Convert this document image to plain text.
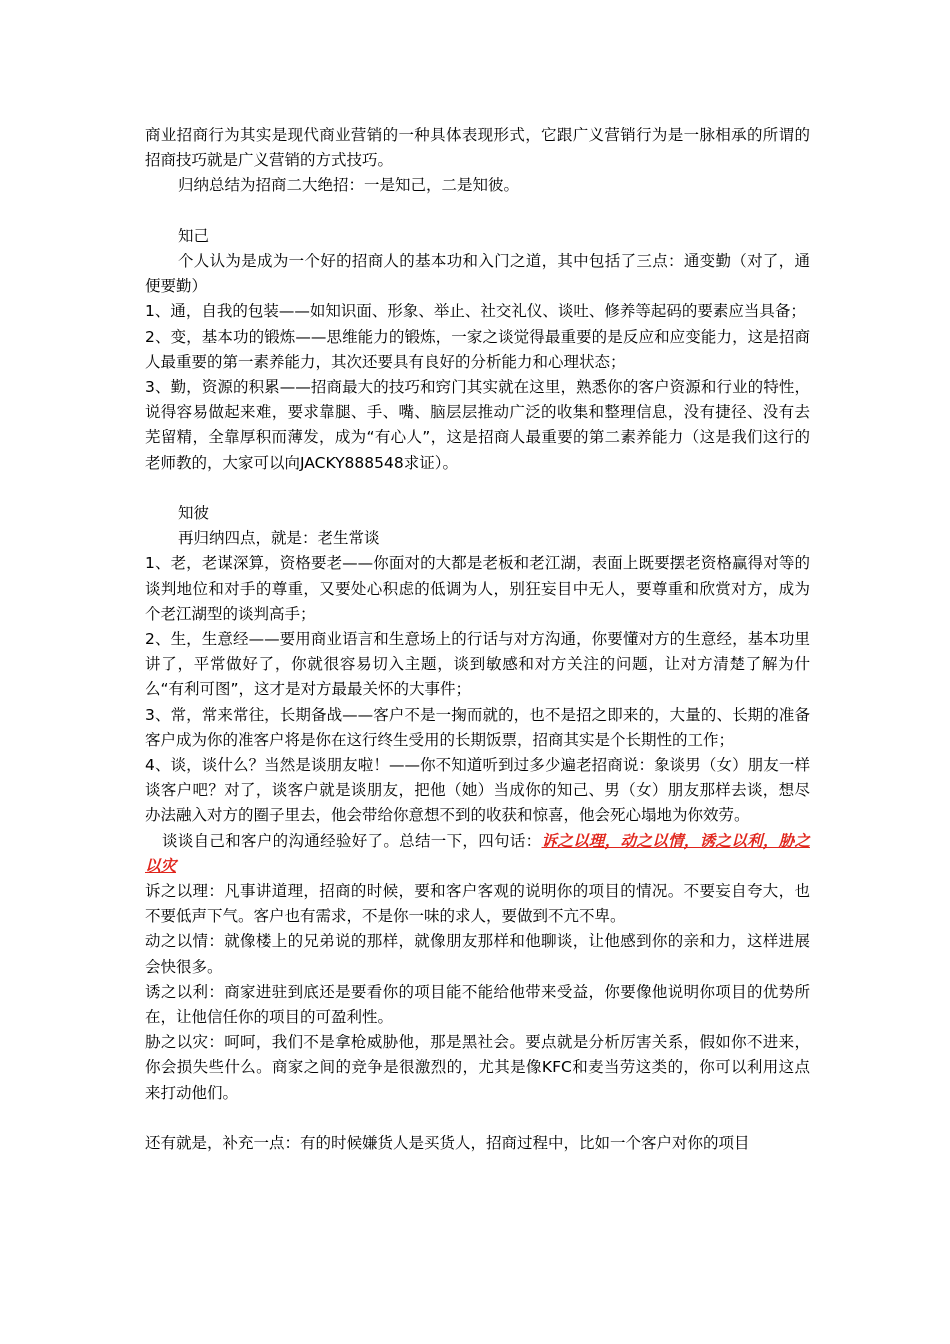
商业招商行为其实是现代商业营销的一种具体表现形式，它跟广义营销行为是一脉相承的所谓的招商技巧就是广义营销的方式技巧。

归纳总结为招商二大绝招：一是知己，二是知彼。

知己

个人认为是成为一个好的招商人的基本功和入门之道，其中包括了三点：通变勤（对了，通便要勤）

1、通，自我的包装——如知识面、形象、举止、社交礼仪、谈吐、修养等起码的要素应当具备；

2、变，基本功的锻炼——思维能力的锻炼，一家之谈觉得最重要的是反应和应变能力，这是招商人最重要的第一素养能力，其次还要具有良好的分析能力和心理状态；

3、勤，资源的积累——招商最大的技巧和窍门其实就在这里，熟悉你的客户资源和行业的特性，说得容易做起来难，要求靠腿、手、嘴、脑层层推动广泛的收集和整理信息，没有捷径、没有去芜留精，全靠厚积而薄发，成为“有心人”，这是招商人最重要的第二素养能力（这是我们这行的老师教的，大家可以向JACKY888548求证）。

知彼

再归纳四点，就是：老生常谈

1、老，老谋深算，资格要老——你面对的大都是老板和老江湖，表面上既要摆老资格赢得对等的谈判地位和对手的尊重，又要处心积虑的低调为人，别狂妄目中无人，要尊重和欣赏对方，成为个老江湖型的谈判高手；

2、生，生意经——要用商业语言和生意场上的行话与对方沟通，你要懂对方的生意经，基本功里讲了，平常做好了，你就很容易切入主题，谈到敏感和对方关注的问题，让对方清楚了解为什么“有利可图”，这才是对方最最关怀的大事件；

3、常，常来常往，长期备战——客户不是一掬而就的，也不是招之即来的，大量的、长期的准备客户成为你的准客户将是你在这行终生受用的长期饭票，招商其实是个长期性的工作；

4、谈，谈什么？当然是谈朋友啦！——你不知道听到过多少遍老招商说：象谈男（女）朋友一样谈客户吧？对了，谈客户就是谈朋友，把他（她）当成你的知己、男（女）朋友那样去谈，想尽办法融入对方的圈子里去，他会带给你意想不到的收获和惊喜，他会死心塌地为你效劳。

谈谈自己和客户的沟通经验好了。总结一下，四句话：诉之以理，动之以情，诱之以利，胁之以灾

诉之以理：凡事讲道理，招商的时候，要和客户客观的说明你的项目的情况。不要妄自夸大，也不要低声下气。客户也有需求，不是你一味的求人，要做到不亢不卑。

动之以情：就像楼上的兄弟说的那样，就像朋友那样和他聊谈，让他感到你的亲和力，这样进展会快很多。

诱之以利：商家进驻到底还是要看你的项目能不能给他带来受益，你要像他说明你项目的优势所在，让他信任你的项目的可盈利性。

胁之以灾：呵呵，我们不是拿枪威胁他，那是黑社会。要点就是分析厉害关系，假如你不进来，你会损失些什么。商家之间的竞争是很激烈的，尤其是像KFC和麦当劳这类的，你可以利用这点来打动他们。

还有就是，补充一点：有的时候嫌货人是买货人，招商过程中，比如一个客户对你的项目
